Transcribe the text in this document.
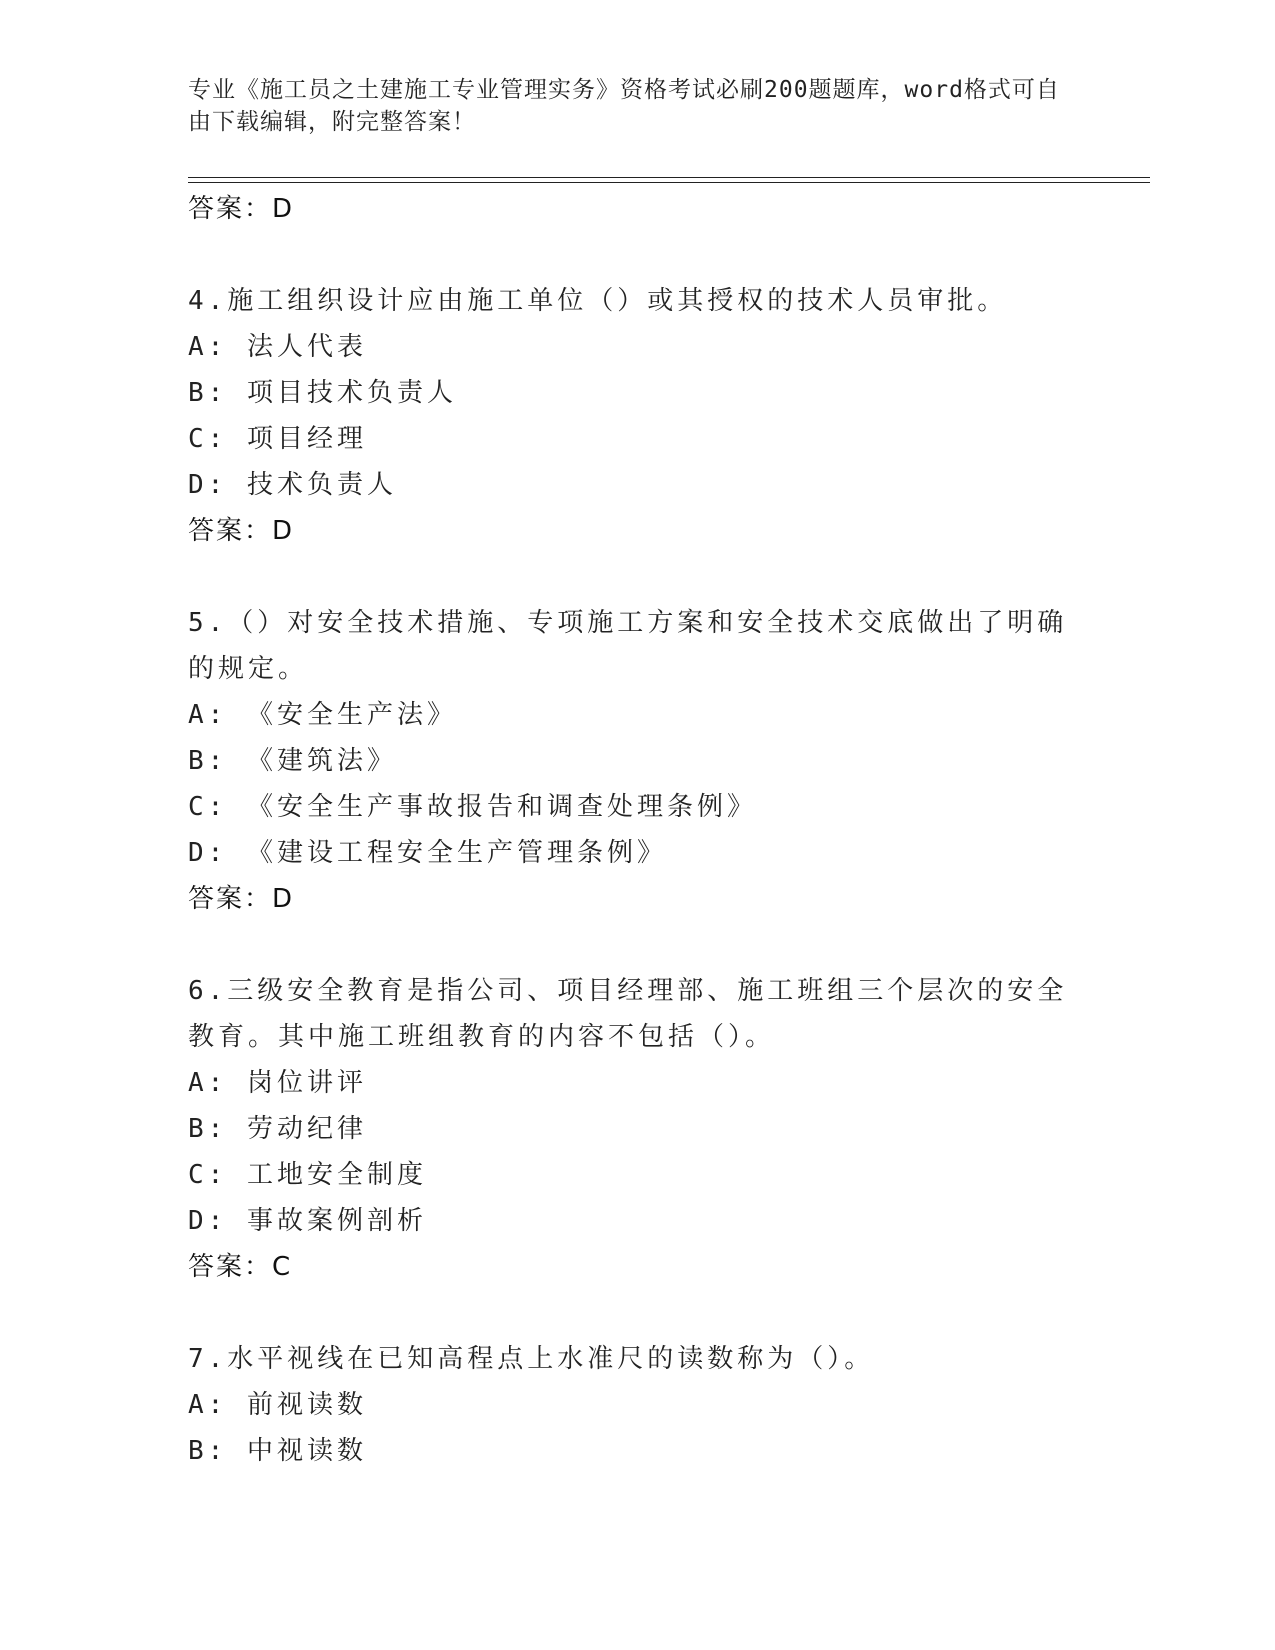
专业《施工员之土建施工专业管理实务》资格考试必刷200题题库，word格式可自由下载编辑，附完整答案！

答案：D

4.施工组织设计应由施工单位（）或其授权的技术人员审批。

A: 法人代表

B: 项目技术负责人

C: 项目经理

D: 技术负责人

答案：D

5.（）对安全技术措施、专项施工方案和安全技术交底做出了明确的规定。

A: 《安全生产法》

B: 《建筑法》

C: 《安全生产事故报告和调查处理条例》

D: 《建设工程安全生产管理条例》

答案：D

6.三级安全教育是指公司、项目经理部、施工班组三个层次的安全教育。其中施工班组教育的内容不包括（）。

A: 岗位讲评

B: 劳动纪律

C: 工地安全制度

D: 事故案例剖析

答案：C

7.水平视线在已知高程点上水准尺的读数称为（）。

A: 前视读数

B: 中视读数
